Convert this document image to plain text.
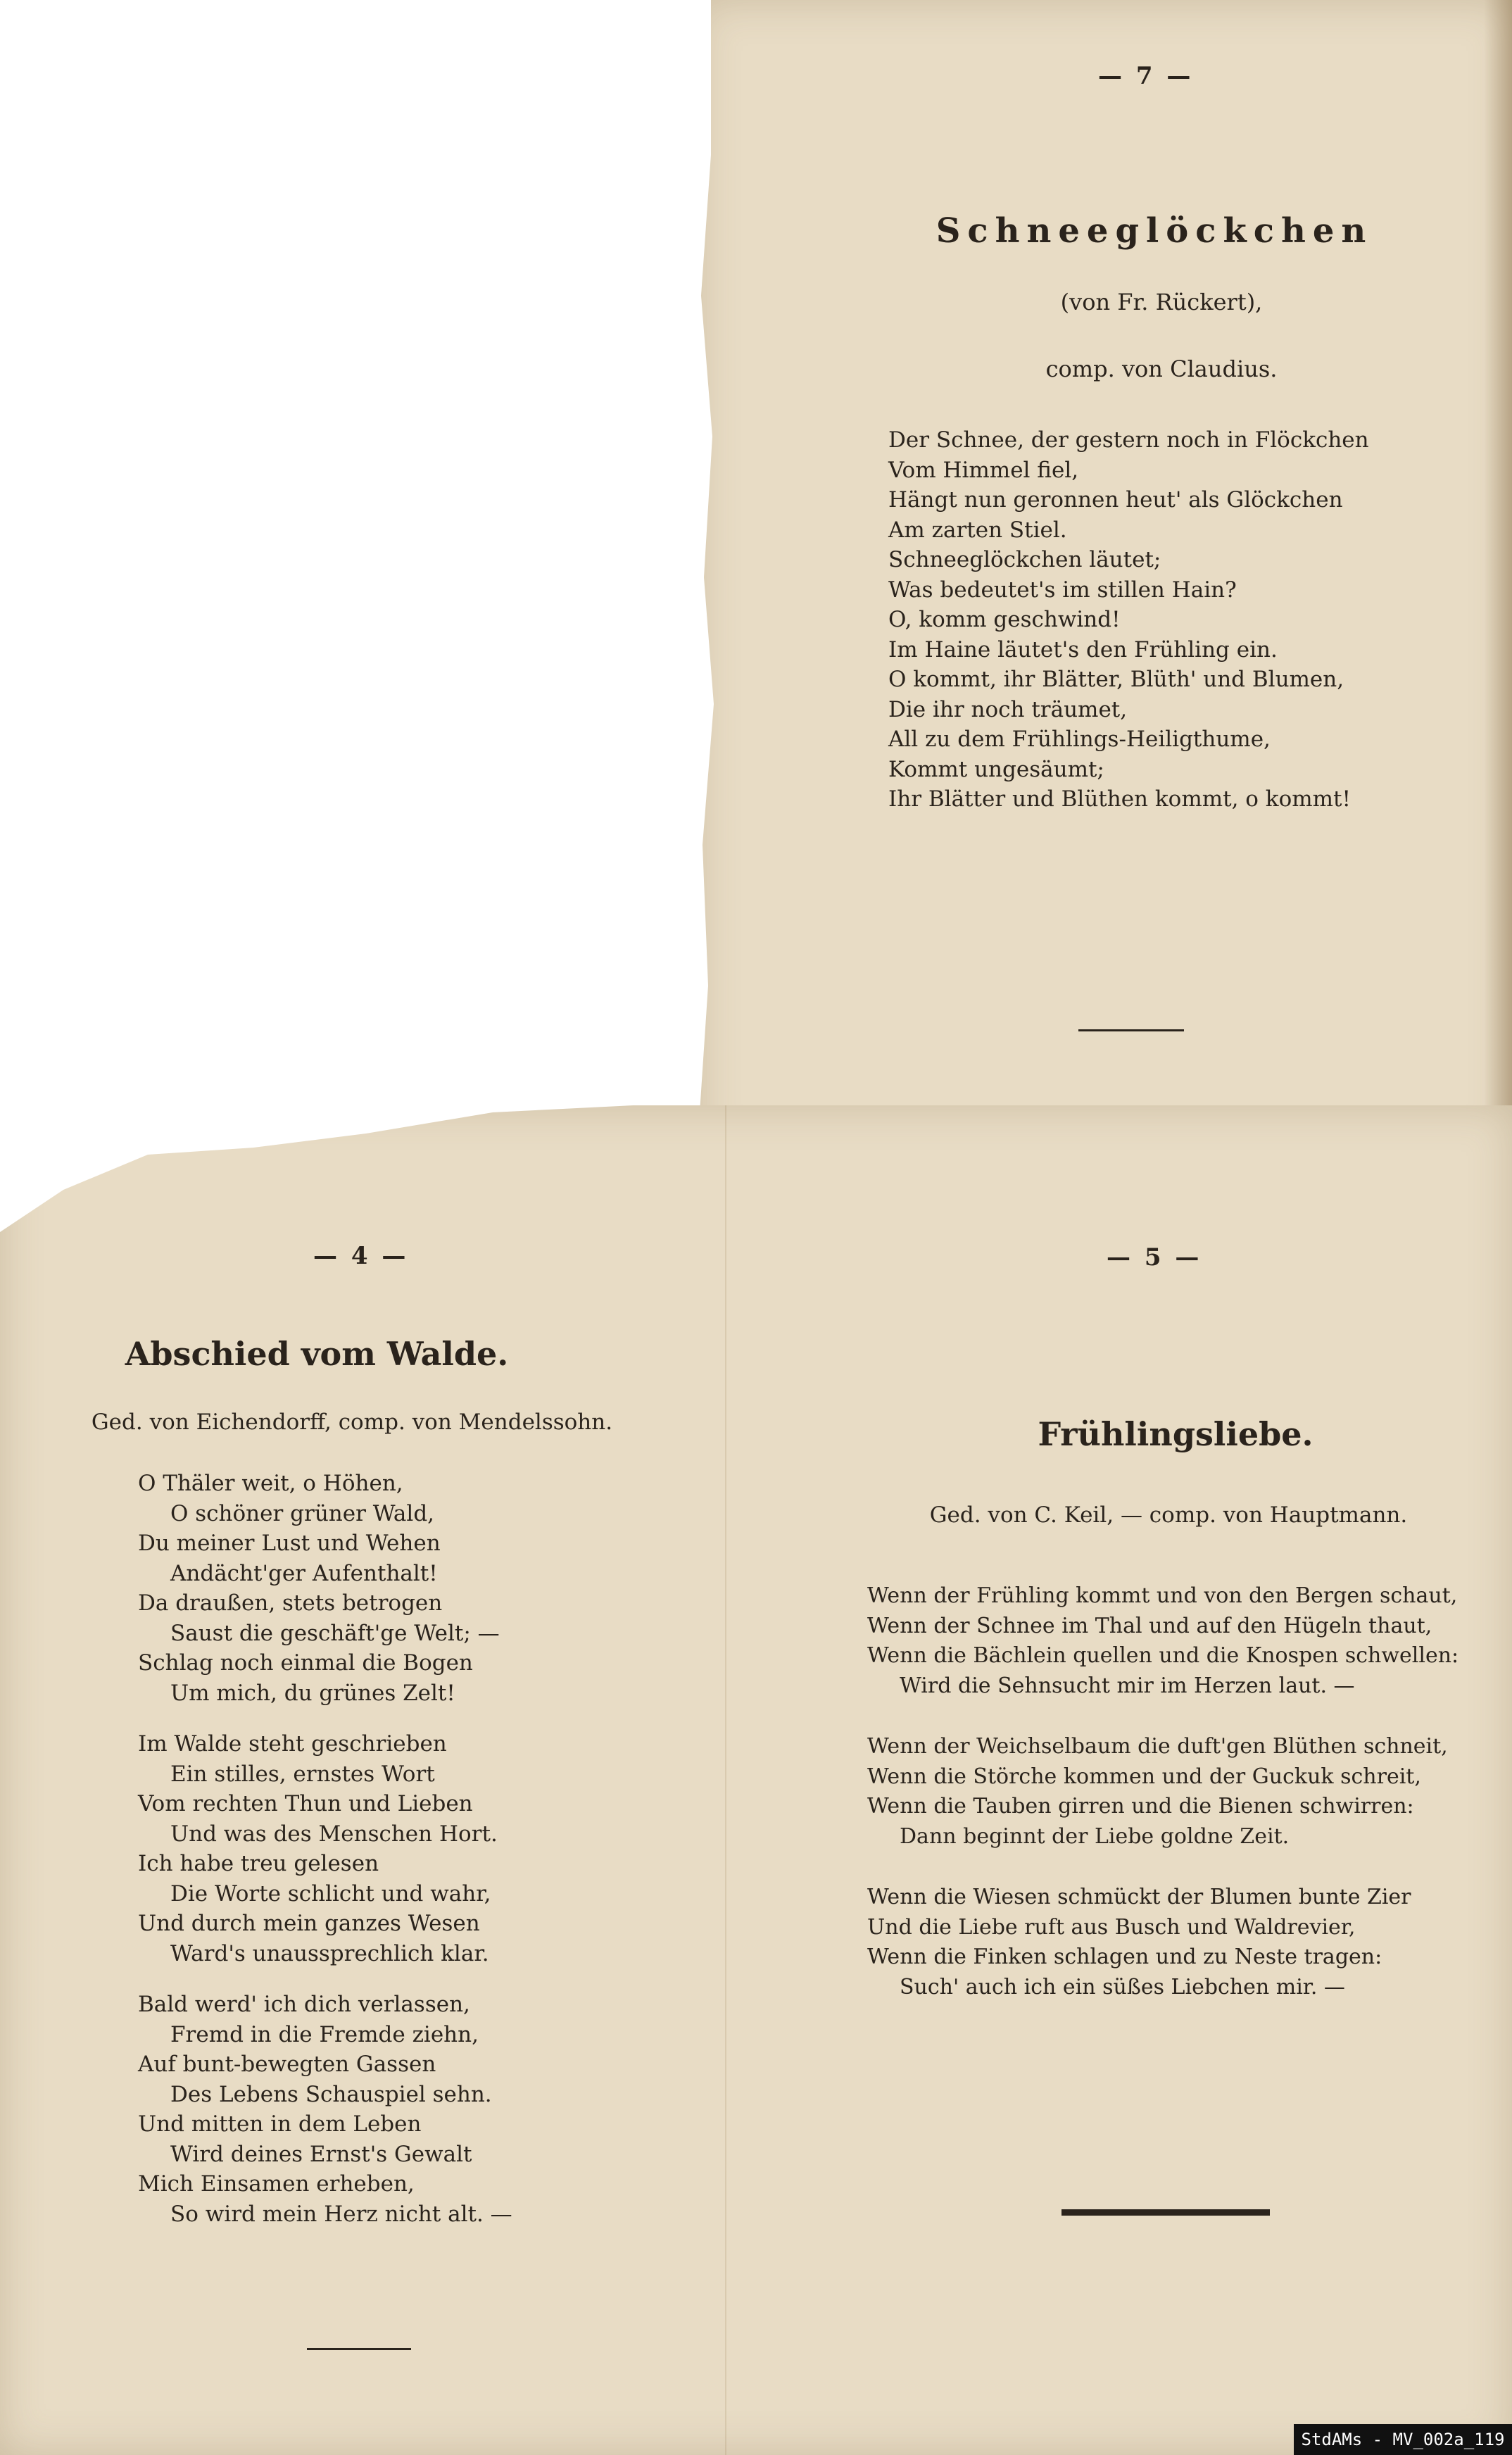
— 7 —
Schneeglöckchen
(von Fr. Rückert),
comp. von Claudius.
Der Schnee, der gestern noch in Flöckchen
Vom Himmel fiel,
Hängt nun geronnen heut' als Glöckchen
Am zarten Stiel.
Schneeglöckchen läutet;
Was bedeutet's im stillen Hain?
O, komm geschwind!
Im Haine läutet's den Frühling ein.
O kommt, ihr Blätter, Blüth' und Blumen,
Die ihr noch träumet,
All zu dem Frühlings-Heiligthume,
Kommt ungesäumt;
Ihr Blätter und Blüthen kommt, o kommt!
— 4 —
Abschied vom Walde.
Ged. von Eichendorff, comp. von Mendelssohn.
O Thäler weit, o Höhen,
O schöner grüner Wald,
Du meiner Lust und Wehen
Andächt'ger Aufenthalt!
Da draußen, stets betrogen
Saust die geschäft'ge Welt; —
Schlag noch einmal die Bogen
Um mich, du grünes Zelt!
Im Walde steht geschrieben
Ein stilles, ernstes Wort
Vom rechten Thun und Lieben
Und was des Menschen Hort.
Ich habe treu gelesen
Die Worte schlicht und wahr,
Und durch mein ganzes Wesen
Ward's unaussprechlich klar.
Bald werd' ich dich verlassen,
Fremd in die Fremde ziehn,
Auf bunt-bewegten Gassen
Des Lebens Schauspiel sehn.
Und mitten in dem Leben
Wird deines Ernst's Gewalt
Mich Einsamen erheben,
So wird mein Herz nicht alt. —
— 5 —
Frühlingsliebe.
Ged. von C. Keil, — comp. von Hauptmann.
Wenn der Frühling kommt und von den Bergen schaut,
Wenn der Schnee im Thal und auf den Hügeln thaut,
Wenn die Bächlein quellen und die Knospen schwellen:
Wird die Sehnsucht mir im Herzen laut. —
Wenn der Weichselbaum die duft'gen Blüthen schneit,
Wenn die Störche kommen und der Guckuk schreit,
Wenn die Tauben girren und die Bienen schwirren:
Dann beginnt der Liebe goldne Zeit.
Wenn die Wiesen schmückt der Blumen bunte Zier
Und die Liebe ruft aus Busch und Waldrevier,
Wenn die Finken schlagen und zu Neste tragen:
Such' auch ich ein süßes Liebchen mir. —
StdAMs - MV_002a_119
